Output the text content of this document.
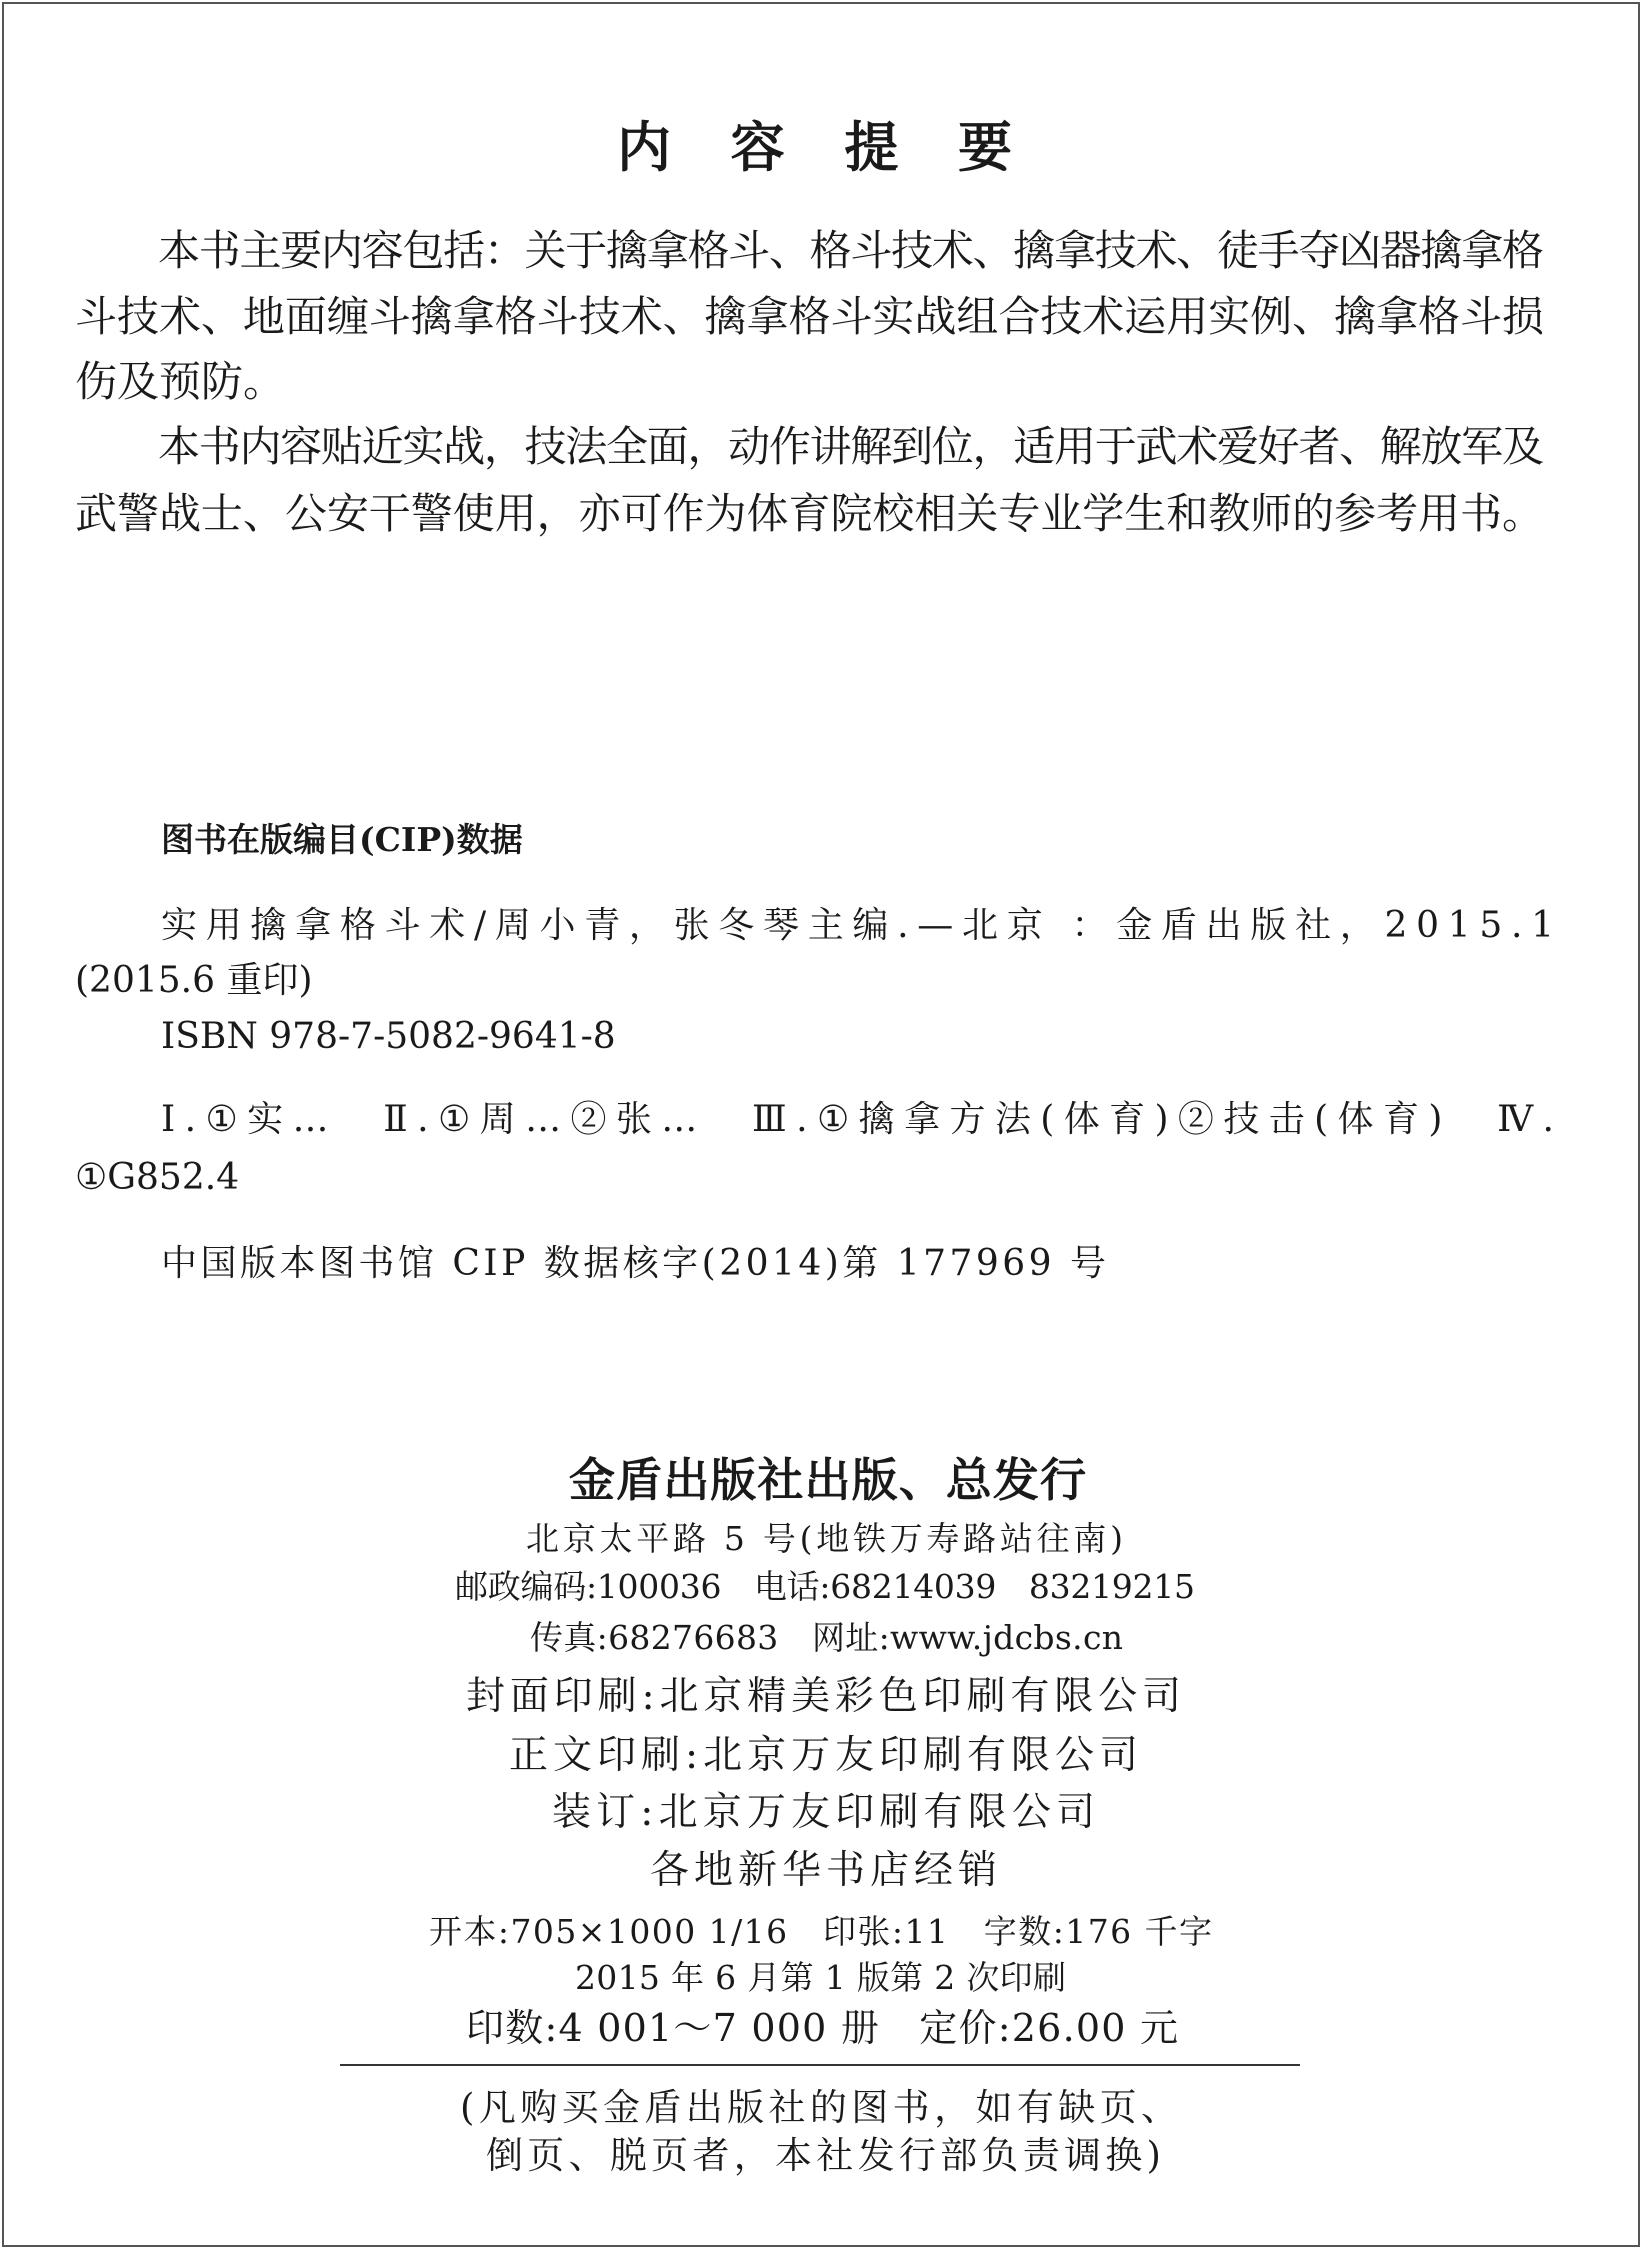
内 容 提 要
本书主要内容包括：关于擒拿格斗、格斗技术、擒拿技术、徒手夺凶器擒拿格
斗技术、地面缠斗擒拿格斗技术、擒拿格斗实战组合技术运用实例、擒拿格斗损
伤及预防。
本书内容贴近实战，技法全面，动作讲解到位，适用于武术爱好者、解放军及
武警战士、公安干警使用，亦可作为体育院校相关专业学生和教师的参考用书。
图书在版编目(CIP)数据
实用擒拿格斗术/周小青，张冬琴主编.—北京 ：金盾出版社，2015.1
(2015.6 重印)
ISBN 978-7-5082-9641-8
Ⅰ.①实…　Ⅱ.①周…②张…　Ⅲ.①擒拿方法(体育)②技击(体育)　Ⅳ.
①G852.4
中国版本图书馆 CIP 数据核字(2014)第 177969 号
金盾出版社出版、总发行
北京太平路 5 号(地铁万寿路站往南)
邮政编码:100036　电话:68214039　83219215
传真:68276683　网址:www.jdcbs.cn
封面印刷:北京精美彩色印刷有限公司
正文印刷:北京万友印刷有限公司
装订:北京万友印刷有限公司
各地新华书店经销
开本:705×1000 1/16　印张:11　字数:176 千字
2015 年 6 月第 1 版第 2 次印刷
印数:4 001～7 000 册　定价:26.00 元
(凡购买金盾出版社的图书，如有缺页、
倒页、脱页者，本社发行部负责调换)
